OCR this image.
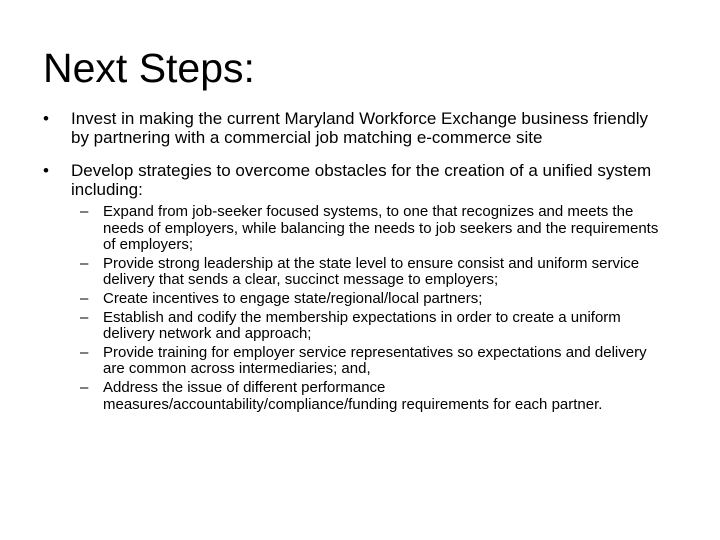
Next Steps:
• Invest in making the current Maryland Workforce Exchange business friendly by partnering with a commercial job matching e-commerce site
• Develop strategies to overcome obstacles for the creation of a unified system including:
– Expand from job-seeker focused systems, to one that recognizes and meets the needs of employers, while balancing the needs to job seekers and the requirements of employers;
– Provide strong leadership at the state level to ensure consist and uniform service delivery that sends a clear, succinct message to employers;
– Create incentives to engage state/regional/local partners;
– Establish and codify the membership expectations in order to create a uniform delivery network and approach;
– Provide training for employer service representatives so expectations and delivery are common across intermediaries; and,
– Address the issue of different performance measures/accountability/compliance/funding requirements for each partner.
